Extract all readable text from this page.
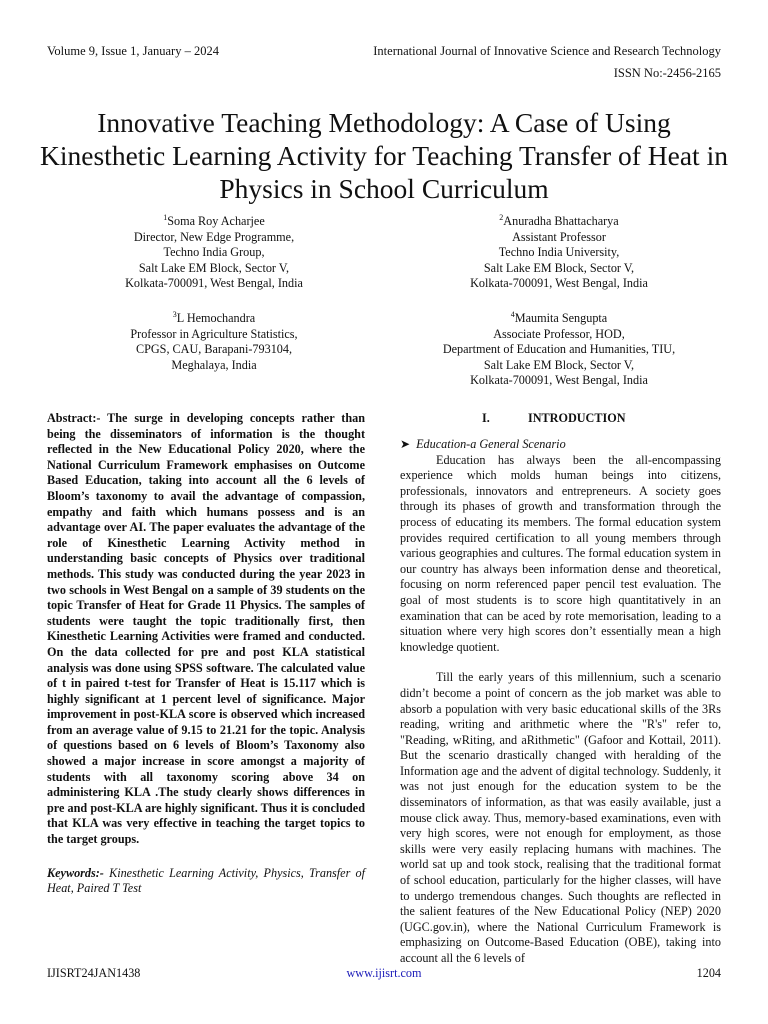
Volume 9, Issue 1, January – 2024	International Journal of Innovative Science and Research Technology
ISSN No:-2456-2165
Innovative Teaching Methodology: A Case of Using Kinesthetic Learning Activity for Teaching Transfer of Heat in Physics in School Curriculum
$^1$Soma Roy Acharjee
Director, New Edge Programme,
Techno India Group,
Salt Lake EM Block, Sector V,
Kolkata-700091, West Bengal, India
$^2$Anuradha Bhattacharya
Assistant Professor
Techno India University,
Salt Lake EM Block, Sector V,
Kolkata-700091, West Bengal, India
$^3$L Hemochandra
Professor in Agriculture Statistics,
CPGS, CAU, Barapani-793104,
Meghalaya, India
$^4$Maumita Sengupta
Associate Professor, HOD,
Department of Education and Humanities, TIU,
Salt Lake EM Block, Sector V,
Kolkata-700091, West Bengal, India

Abstract:- The surge in developing concepts rather than being the disseminators of information is the thought reflected in the New Educational Policy 2020, where the National Curriculum Framework emphasises on Outcome Based Education, taking into account all the 6 levels of Bloom’s taxonomy to avail the advantage of compassion, empathy and faith which humans possess and is an advantage over AI. The paper evaluates the advantage of the role of Kinesthetic Learning Activity method in understanding basic concepts of Physics over traditional methods. This study was conducted during the year 2023 in two schools in West Bengal on a sample of 39 students on the topic Transfer of Heat for Grade 11 Physics. The samples of students were taught the topic traditionally first, then Kinesthetic Learning Activities were framed and conducted. On the data collected for pre and post KLA statistical analysis was done using SPSS software. The calculated value of t in paired t-test for Transfer of Heat is 15.117 which is highly significant at 1 percent level of significance. Major improvement in post-KLA score is observed which increased from an average value of 9.15 to 21.21 for the topic. Analysis of questions based on 6 levels of Bloom’s Taxonomy also showed a major increase in score amongst a majority of students with all taxonomy scoring above 34 on administering KLA .The study clearly shows differences in pre and post-KLA are highly significant. Thus it is concluded that KLA was very effective in teaching the target topics to the target groups.

Keywords:- Kinesthetic Learning Activity, Physics, Transfer of Heat, Paired T Test

I.	INTRODUCTION
➤ Education-a General Scenario

Education has always been the all-encompassing experience which molds human beings into citizens, professionals, innovators and entrepreneurs. A society goes through its phases of growth and transformation through the process of educating its members. The formal education system provides required certification to all young members through various geographies and cultures. The formal education system in our country has always been information dense and theoretical, focusing on norm referenced paper pencil test evaluation. The goal of most students is to score high quantitatively in an examination that can be aced by rote memorisation, leading to a situation where very high scores don’t essentially mean a high knowledge quotient.

Till the early years of this millennium, such a scenario didn’t become a point of concern as the job market was able to absorb a population with very basic educational skills of the 3Rs reading, writing and arithmetic where the "R's" refer to, "Reading, wRiting, and aRithmetic" (Gafoor and Kottail, 2011). But the scenario drastically changed with heralding of the Information age and the advent of digital technology. Suddenly, it was not just enough for the education system to be the disseminators of information, as that was easily available, just a mouse click away. Thus, memory-based examinations, even with very high scores, were not enough for employment, as those skills were very easily replacing humans with machines. The world sat up and took stock, realising that the traditional format of school education, particularly for the higher classes, will have to undergo tremendous changes. Such thoughts are reflected in the salient features of the New Educational Policy (NEP) 2020 (UGC.gov.in), where the National Curriculum Framework is emphasizing on Outcome-Based Education (OBE), taking into account all the 6 levels of

IJISRT24JAN1438	www.ijisrt.com	1204
